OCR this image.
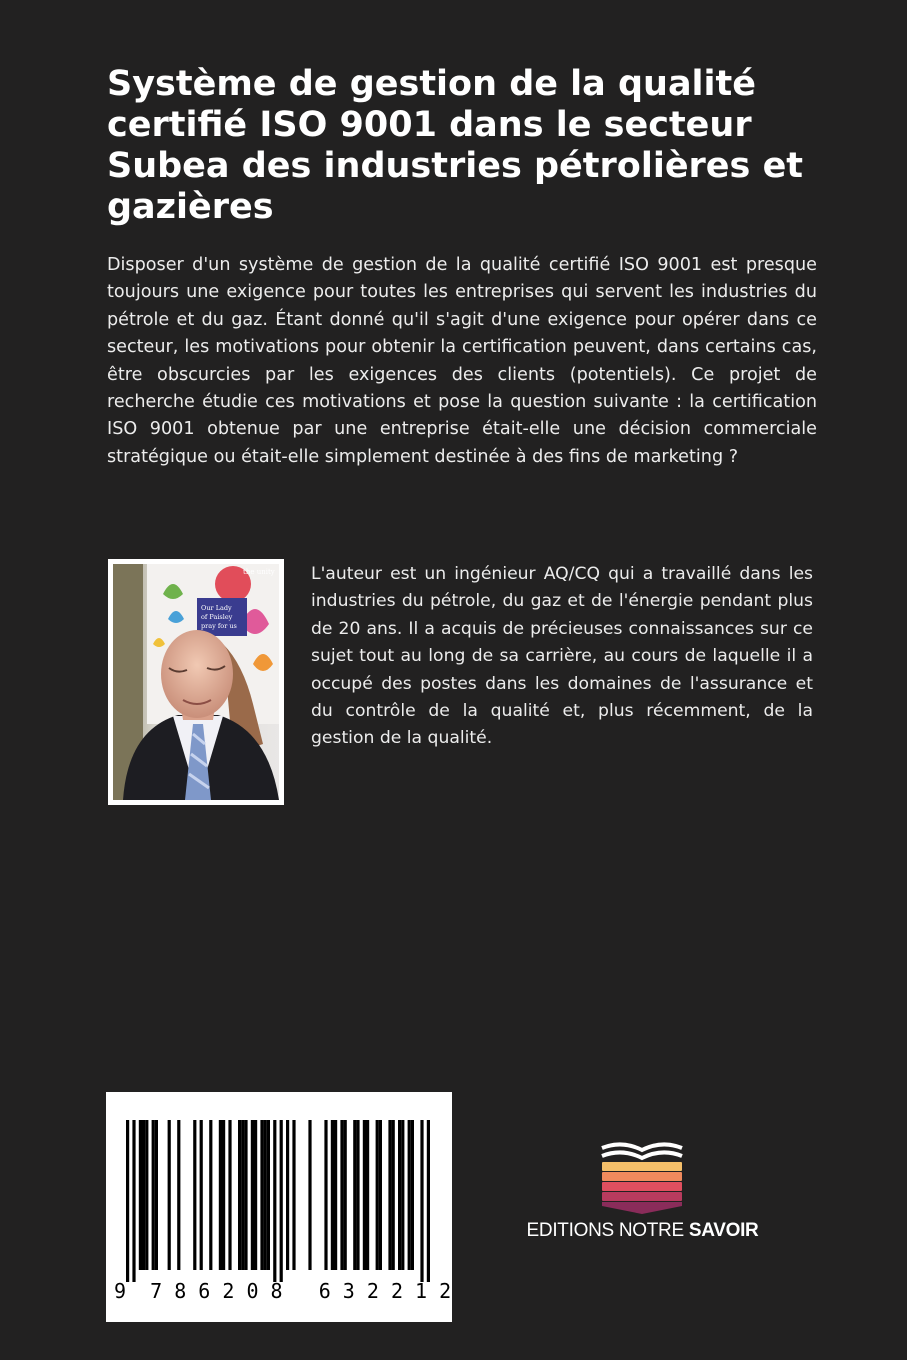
Système de gestion de la qualité certifié ISO 9001 dans le secteur Subea des industries pétrolières et gazières

Disposer d'un système de gestion de la qualité certifié ISO 9001 est presque toujours une exigence pour toutes les entreprises qui servent les industries du pétrole et du gaz. Étant donné qu'il s'agit d'une exigence pour opérer dans ce secteur, les motivations pour obtenir la certification peuvent, dans certains cas, être obscurcies par les exigences des clients (potentiels). Ce projet de recherche étudie ces motivations et pose la question suivante : la certification ISO 9001 obtenue par une entreprise était-elle une décision commerciale stratégique ou était-elle simplement destinée à des fins de marketing ?

the unity
Our Lady
of Paisley
pray for us

L'auteur est un ingénieur AQ/CQ qui a travaillé dans les industries du pétrole, du gaz et de l'énergie pendant plus de 20 ans. Il a acquis de précieuses connaissances sur ce sujet tout au long de sa carrière, au cours de laquelle il a occupé des postes dans les domaines de l'assurance et du contrôle de la qualité et, plus récemment, de la gestion de la qualité.

9  7 8 6 2 0 8   6 3 2 2 1 2
EDITIONS NOTRE SAVOIR
